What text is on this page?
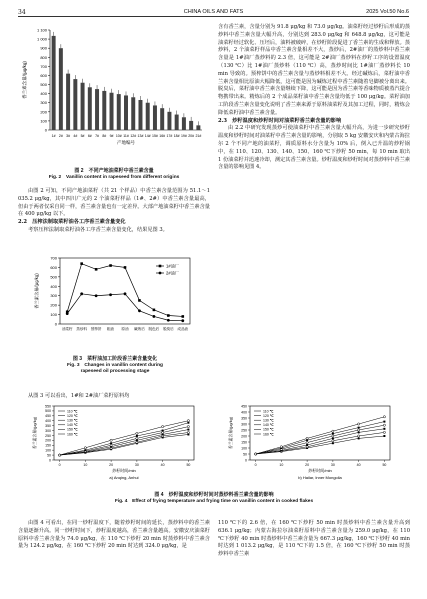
34	CHINA OILS AND FATS	2025 Vol.50 No.6
0
100
200
300
400
500
600
700
800
900
1 000
1 100
1# 2# 3# 4# 5# 6# 7# 8# 9# 10# 11# 12# 13# 14# 15# 16# 17# 18# 19# 20# 21#
产地编号
香兰素含量/(μg/kg)
图 2　不同产地油菜籽中香兰素含量
Fig. 2　Vanillin content in rapeseed from different origins

由图 2 可知，不同产地油菜籽（共 21 个样品）中香兰素含量范围为 51.1～1 035.2 μg/kg，其中四川广元的 2 个油菜籽样品（1#、2#）中香兰素含量最高，但由于两者仅采自同一样，香兰素含量也有一定差异。大部产地油菜籽中香兰素含量在 400 μg/kg 以下。

2.2　压榨法制取菜籽油各工序香兰素含量变化

考察压榨法制取菜籽油各工序香兰素含量变化，结果见图 3。

0
100
200
300
400
500
600
700
油菜籽 蒸炒料 预榨饼 粗油 原油 碱炼后 脱色后 脱臭后 成品油
1#油厂
2#油厂
香兰素含量/(μg/kg)
图 3　菜籽油加工阶段香兰素含量变化
Fig. 3　Changes in vanillin content during
rapeseed oil processing stage

从图 3 可以看出，1#和 2#油厂菜籽原料均

含有香兰素，含量分别为 91.8 μg/kg 和 73.0 μg/kg。油菜籽经过炒籽后形成的蒸炒料中香兰素含量大幅升高，分别达到 283.0 μg/kg 和 648.8 μg/kg，这可能是油菜籽经过软化、压坯后，油料被破碎，在炒籽阶段促进了香兰素的生成和释放。蒸炒料，2 个油菜籽样品中香兰素含量相差不大，蒸炒后，2#油厂的蒸炒料中香兰素含量是 1#油厂蒸炒料的 2.3 倍，这可能是 2#油厂蒸炒料在炒籽工序的设置温度（130 ℃）比 1#油厂蒸炒料（110 ℃）高，蒸炒时间比 1#油厂蒸炒料长 10 min 导致的。预榨饼中的香兰素含量与蒸炒料相差不大。经过碱炼后，菜籽油中香兰素含量相比原油大幅降低，这可能是因为碱炼过程中香兰素随着皂脚被分离出来。脱臭后，菜籽油中香兰素含量继续下降，这可能是因为香兰素等香味物质被蒸汽提合物携带出来。精炼后的 2 个成品菜籽油中香兰素含量均低于 100 μg/kg。菜籽油加工阶段香兰素含量变化说明了香兰素来源于原料油菜籽及其加工过程，同时，精炼会降低菜籽油中香兰素含量。

2.3　炒籽温度和炒籽时间对油菜籽香兰素含量的影响

由 2.2 中研究发现蒸炒可使油菜籽中香兰素含量大幅升高，为进一步研究炒籽温度和炒籽时间对油菜籽中香兰素含量的影响，分别取 5 kg 安徽安庆和内蒙古海拉尔 2 个不同产地的油菜籽，调质原料水分含量为 10% 后，倒入已升温的炒籽锅中，在 110、120、130、140、150、160 ℃下炒籽 50 min，每 10 min 取出 1 份油菜籽并迅速冷却，测定其香兰素含量。炒籽温度和炒籽时间对蒸炒料中香兰素含量的影响见图 4。

0
50
100
150
200
250
300
350
400
450
500
550
0	10	20	30	40	50
110 ℃
120 ℃
130 ℃
140 ℃
150 ℃
160 ℃
炒籽时间/min
a) Anqing, Anhui
香兰素含量/(μg/kg)
0
50
100
150
200
250
300
350
400
450
0	10	20	30	40	50
110 ℃
120 ℃
130 ℃
140 ℃
150 ℃
160 ℃
炒籽时间/min
b) Hailar, Inner Mongolia
香兰素含量/(μg/kg)
图 4　炒籽温度和炒籽时间对蒸炒料香兰素含量的影响
Fig. 4　Effect of frying temperature and frying time on vanillin content in cooked flakes

由图 4 可看出，在同一炒籽温度下，随着炒籽时间的延长，蒸炒料中的香兰素含量逐渐升高。同一炒籽时间下，炒籽温度越高，香兰素含量越高。安徽安庆油菜籽原料中香兰素含量为 74.0 μg/kg，在 110 ℃下炒籽 20 min 时蒸炒料中香兰素含量为 124.2 μg/kg，在 160 ℃下炒籽 20 min 时达到 324.0 μg/kg，是

110 ℃下的 2.6 倍，在 160 ℃下炒籽 50 min 时蒸炒料中香兰素含量升高到 636.1 μg/kg；内蒙古海拉尔油菜籽原料中香兰素含量为 259.0 μg/kg，在 110 ℃下炒籽 40 min 时蒸炒料中香兰素含量为 667.3 μg/kg，160 ℃下炒籽 40 min 时达到 1 013.2 μg/kg，是 110 ℃下的 1.5 倍，在 160 ℃下炒籽 50 min 时蒸炒料中香兰素
